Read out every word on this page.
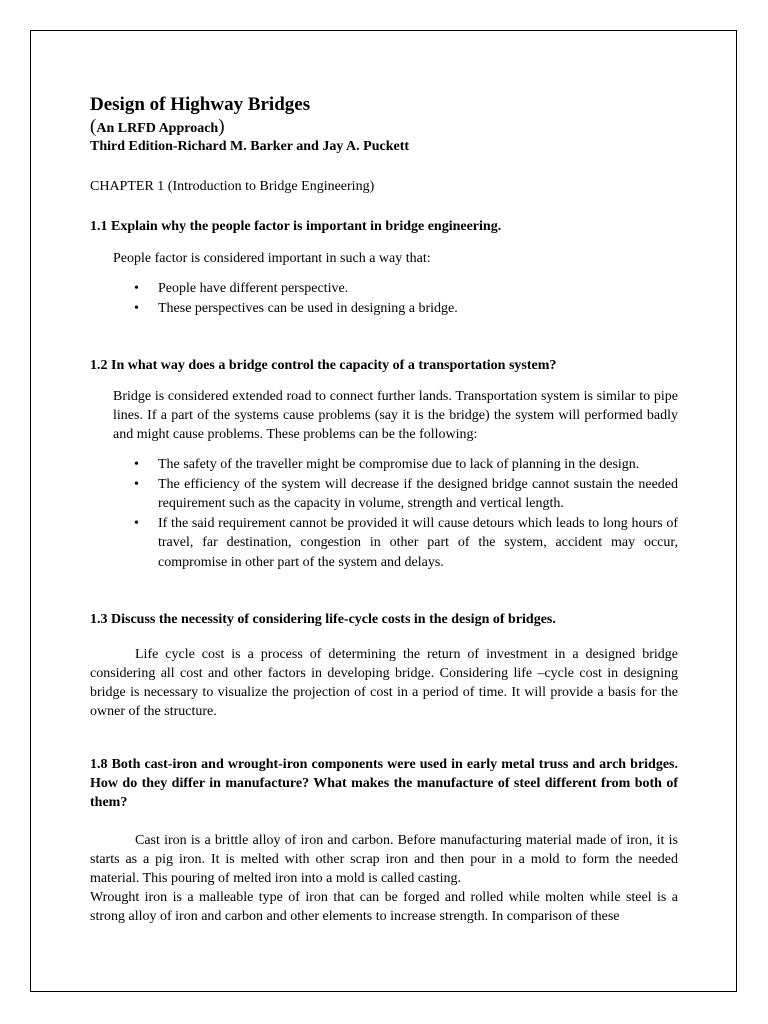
Design of Highway Bridges
(An LRFD Approach)
Third Edition-Richard M. Barker and Jay A. Puckett
CHAPTER 1 (Introduction to Bridge Engineering)
1.1 Explain why the people factor is important in bridge engineering.
People factor is considered important in such a way that:
• People have different perspective.
• These perspectives can be used in designing a bridge.
1.2 In what way does a bridge control the capacity of a transportation system?
Bridge is considered extended road to connect further lands. Transportation system is similar to pipe lines. If a part of the systems cause problems (say it is the bridge) the system will performed badly and might cause problems. These problems can be the following:
• The safety of the traveller might be compromise due to lack of planning in the design.
• The efficiency of the system will decrease if the designed bridge cannot sustain the needed requirement such as the capacity in volume, strength and vertical length.
• If the said requirement cannot be provided it will cause detours which leads to long hours of travel, far destination, congestion in other part of the system, accident may occur, compromise in other part of the system and delays.
1.3 Discuss the necessity of considering life-cycle costs in the design of bridges.
Life cycle cost is a process of determining the return of investment in a designed bridge considering all cost and other factors in developing bridge. Considering life –cycle cost in designing bridge is necessary to visualize the projection of cost in a period of time. It will provide a basis for the owner of the structure.
1.8 Both cast-iron and wrought-iron components were used in early metal truss and arch bridges. How do they differ in manufacture? What makes the manufacture of steel different from both of them?
Cast iron is a brittle alloy of iron and carbon. Before manufacturing material made of iron, it is starts as a pig iron. It is melted with other scrap iron and then pour in a mold to form the needed material. This pouring of melted iron into a mold is called casting.
Wrought iron is a malleable type of iron that can be forged and rolled while molten while steel is a strong alloy of iron and carbon and other elements to increase strength. In comparison of these
